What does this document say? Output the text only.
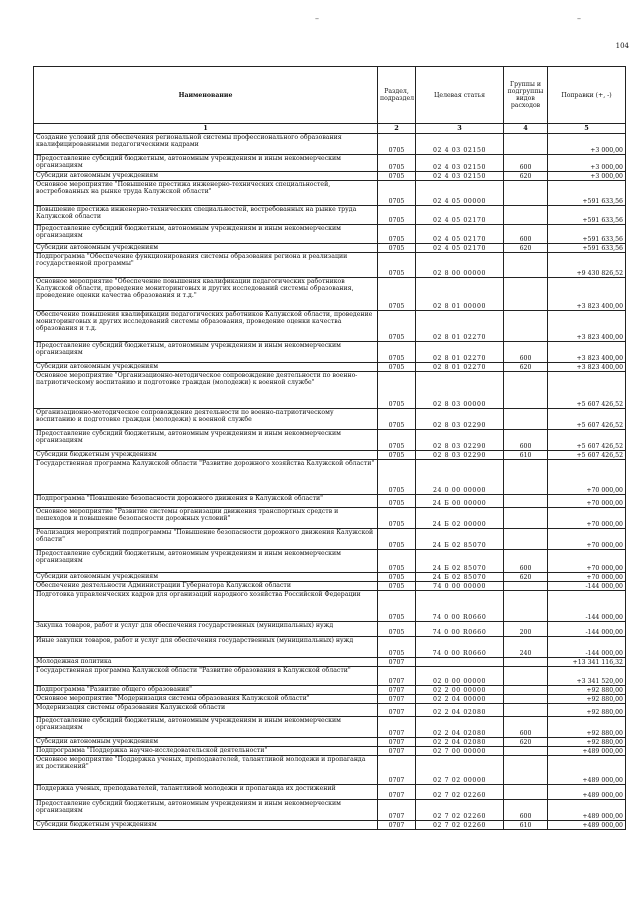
–	–
104
Наименование	Раздел, подраздел	Целевая статья	Группы и подгруппы видов расходов	Поправки (+, -)
1	2	3	4	5
Создание условий для обеспечения региональной системы профессионального образования квалифицированными педагогическими кадрами	0705	02 4 03 02150		+3 000,00
Предоставление субсидий бюджетным, автономным учреждениям и иным некоммерческим организациям	0705	02 4 03 02150	600	+3 000,00
Субсидии автономным учреждениям	0705	02 4 03 02150	620	+3 000,00
Основное мероприятие "Повышение престижа инженерно-технических специальностей, востребованных на рынке труда Калужской области"	0705	02 4 05 00000		+591 633,56
Повышение престижа инженерно-технических специальностей, востребованных на рынке труда Калужской области	0705	02 4 05 02170		+591 633,56
Предоставление субсидий бюджетным, автономным учреждениям и иным некоммерческим организациям	0705	02 4 05 02170	600	+591 633,56
Субсидии автономным учреждениям	0705	02 4 05 02170	620	+591 633,56
Подпрограмма "Обеспечение функционирования системы образования региона и реализации государственной программы"	0705	02 8 00 00000		+9 430 826,52
Основное мероприятие "Обеспечение повышения квалификации педагогических работников Калужской области, проведение мониторинговых и других исследований системы образования, проведение оценки качества образования и т.д."	0705	02 8 01 00000		+3 823 400,00
Обеспечение повышения квалификации педагогических работников Калужской области, проведение мониторинговых и других исследований системы образования, проведение оценки качества образования и т.д.	0705	02 8 01 02270		+3 823 400,00
Предоставление субсидий бюджетным, автономным учреждениям и иным некоммерческим организациям	0705	02 8 01 02270	600	+3 823 400,00
Субсидии автономным учреждениям	0705	02 8 01 02270	620	+3 823 400,00
Основное мероприятие "Организационно-методическое сопровождение деятельности по военно-патриотическому воспитанию и подготовке граждан (молодежи) к военной службе"	0705	02 8 03 00000		+5 607 426,52
Организационно-методическое сопровождение деятельности по военно-патриотическому воспитанию и подготовке граждан (молодежи) к военной службе	0705	02 8 03 02290		+5 607 426,52
Предоставление субсидий бюджетным, автономным учреждениям и иным некоммерческим организациям	0705	02 8 03 02290	600	+5 607 426,52
Субсидии бюджетным учреждениям	0705	02 8 03 02290	610	+5 607 426,52
Государственная программа Калужской области "Развитие дорожного хозяйства Калужской области"	0705	24 0 00 00000		+70 000,00
Подпрограмма "Повышение безопасности дорожного движения в Калужской области"	0705	24 Б 00 00000		+70 000,00
Основное мероприятие "Развитие системы организации движения транспортных средств и пешеходов и повышение безопасности дорожных условий"	0705	24 Б 02 00000		+70 000,00
Реализация мероприятий подпрограммы "Повышение безопасности дорожного движения Калужской области"	0705	24 Б 02 85070		+70 000,00
Предоставление субсидий бюджетным, автономным учреждениям и иным некоммерческим организациям	0705	24 Б 02 85070	600	+70 000,00
Субсидии автономным учреждениям	0705	24 Б 02 85070	620	+70 000,00
Обеспечение деятельности Администрации Губернатора Калужской области	0705	74 0 00 00000		-144 000,00
Подготовка управленческих кадров для организаций народного хозяйства Российской Федерации	0705	74 0 00 R0660		-144 000,00
Закупка товаров, работ и услуг для обеспечения государственных (муниципальных) нужд	0705	74 0 00 R0660	200	-144 000,00
Иные закупки товаров, работ и услуг для обеспечения государственных (муниципальных) нужд	0705	74 0 00 R0660	240	-144 000,00
Молодежная политика	0707			+13 341 116,32
Государственная программа Калужской области "Развитие образования в Калужской области"	0707	02 0 00 00000		+3 341 520,00
Подпрограмма "Развитие общего образования"	0707	02 2 00 00000		+92 880,00
Основное мероприятие "Модернизация системы образования Калужской области"	0707	02 2 04 00000		+92 880,00
Модернизация системы образования Калужской области	0707	02 2 04 02080		+92 880,00
Предоставление субсидий бюджетным, автономным учреждениям и иным некоммерческим организациям	0707	02 2 04 02080	600	+92 880,00
Субсидии автономным учреждениям	0707	02 2 04 02080	620	+92 880,00
Подпрограмма "Поддержка научно-исследовательской деятельности"	0707	02 7 00 00000		+489 000,00
Основное мероприятие "Поддержка ученых, преподавателей, талантливой молодежи и пропаганда их достижений"	0707	02 7 02 00000		+489 000,00
Поддержка ученых, преподавателей, талантливой молодежи и пропаганда их достижений	0707	02 7 02 02260		+489 000,00
Предоставление субсидий бюджетным, автономным учреждениям и иным некоммерческим организациям	0707	02 7 02 02260	600	+489 000,00
Субсидии бюджетным учреждениям	0707	02 7 02 02260	610	+489 000,00
